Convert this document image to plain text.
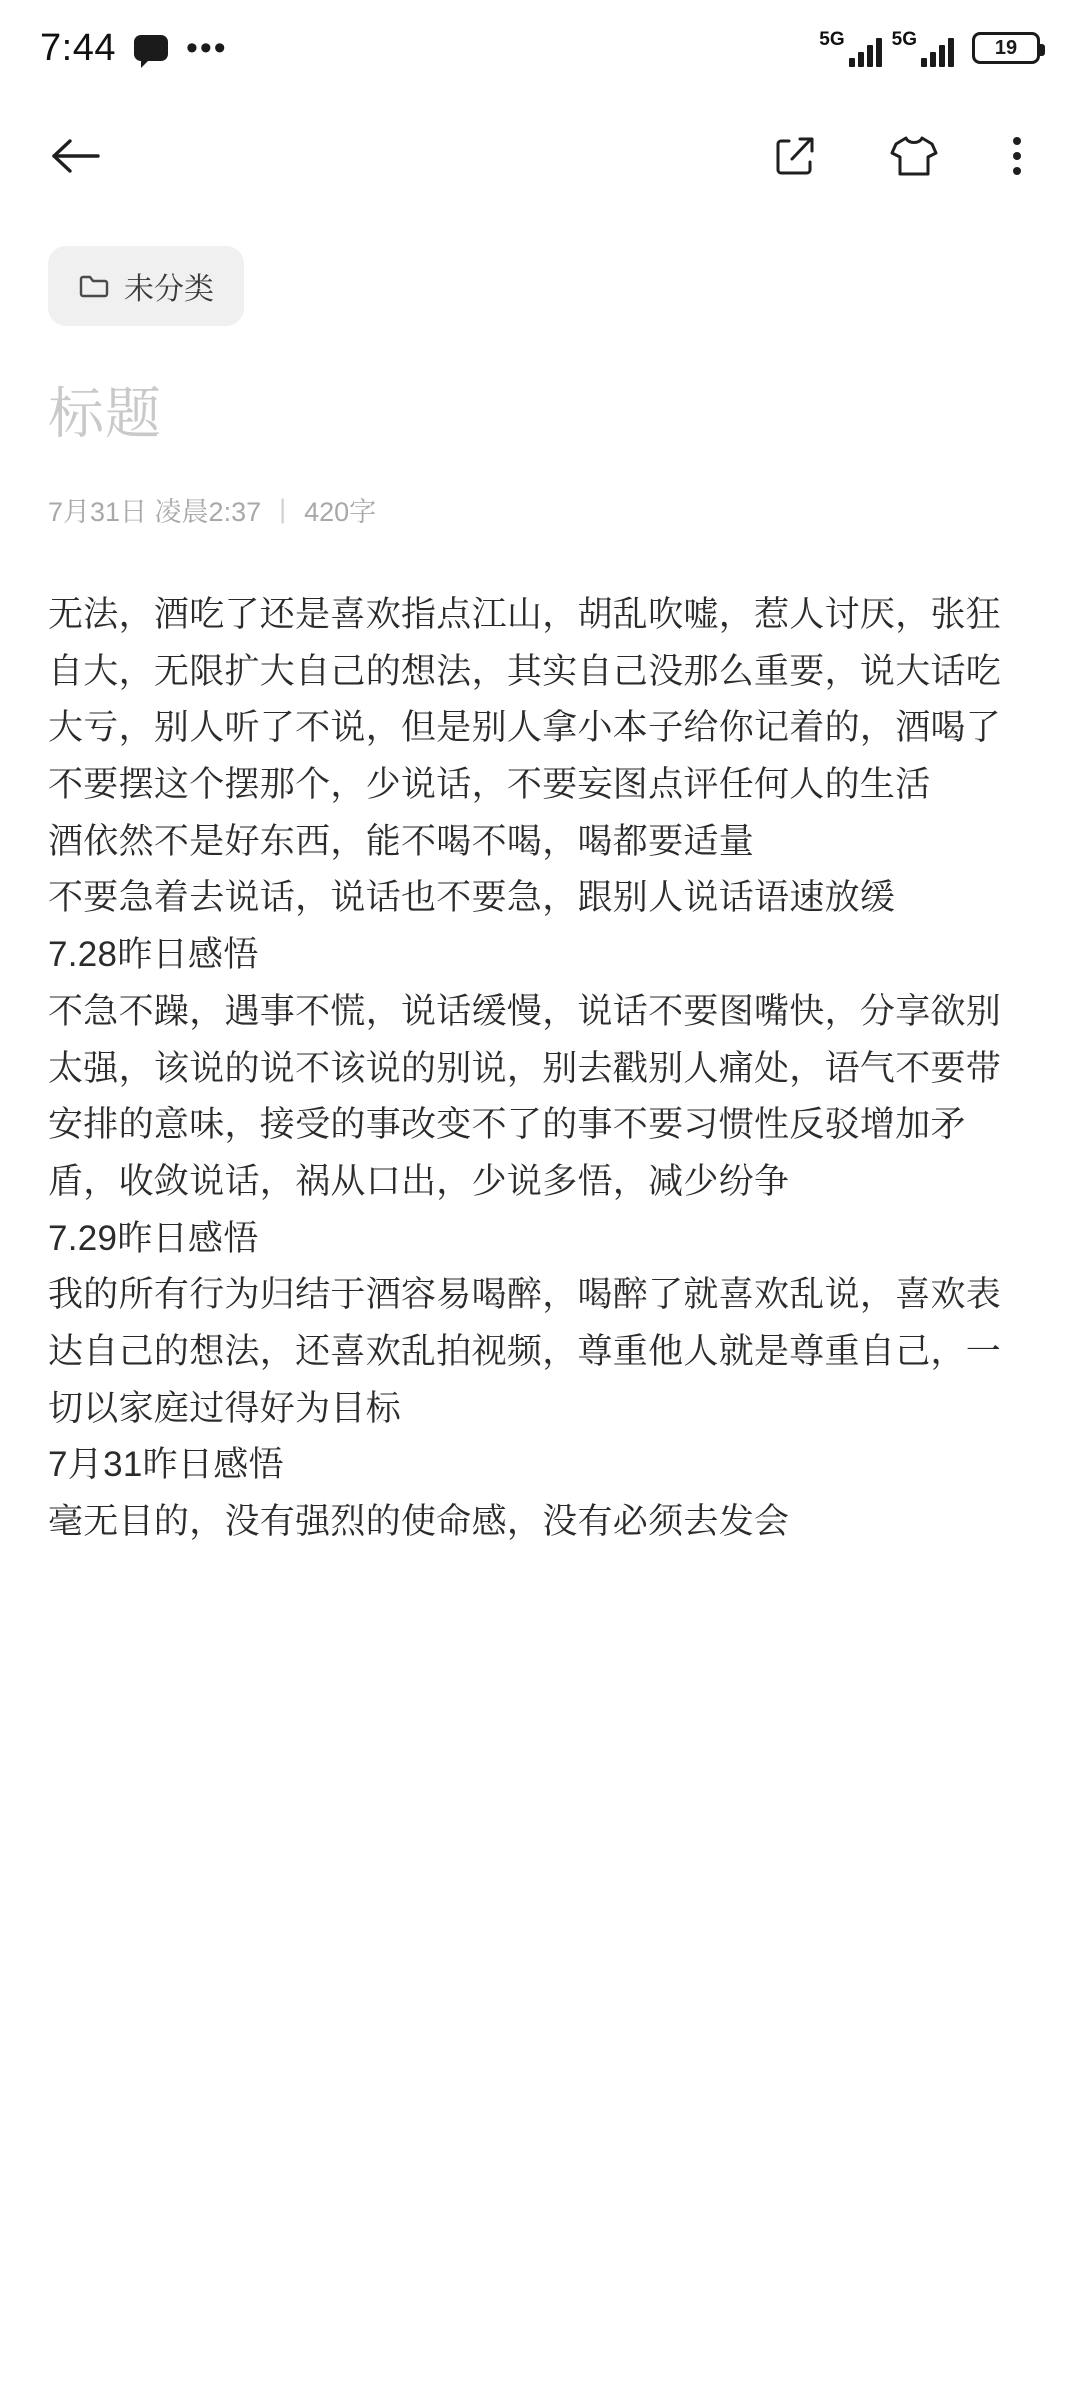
7:44 •••	5G 5G	19
未分类
标题
7月31日 凌晨2:37 | 420字

无法，酒吃了还是喜欢指点江山，胡乱吹嘘，惹人讨厌，张狂自大，无限扩大自己的想法，其实自己没那么重要，说大话吃大亏，别人听了不说，但是别人拿小本子给你记着的，酒喝了不要摆这个摆那个，少说话，不要妄图点评任何人的生活

酒依然不是好东西，能不喝不喝，喝都要适量

不要急着去说话，说话也不要急，跟别人说话语速放缓

7.28昨日感悟

不急不躁，遇事不慌，说话缓慢，说话不要图嘴快，分享欲别太强，该说的说不该说的别说，别去戳别人痛处，语气不要带安排的意味，接受的事改变不了的事不要习惯性反驳增加矛盾，收敛说话，祸从口出，少说多悟，减少纷争

7.29昨日感悟

我的所有行为归结于酒容易喝醉，喝醉了就喜欢乱说，喜欢表达自己的想法，还喜欢乱拍视频，尊重他人就是尊重自己，一切以家庭过得好为目标

7月31昨日感悟

毫无目的，没有强烈的使命感，没有必须去发会
